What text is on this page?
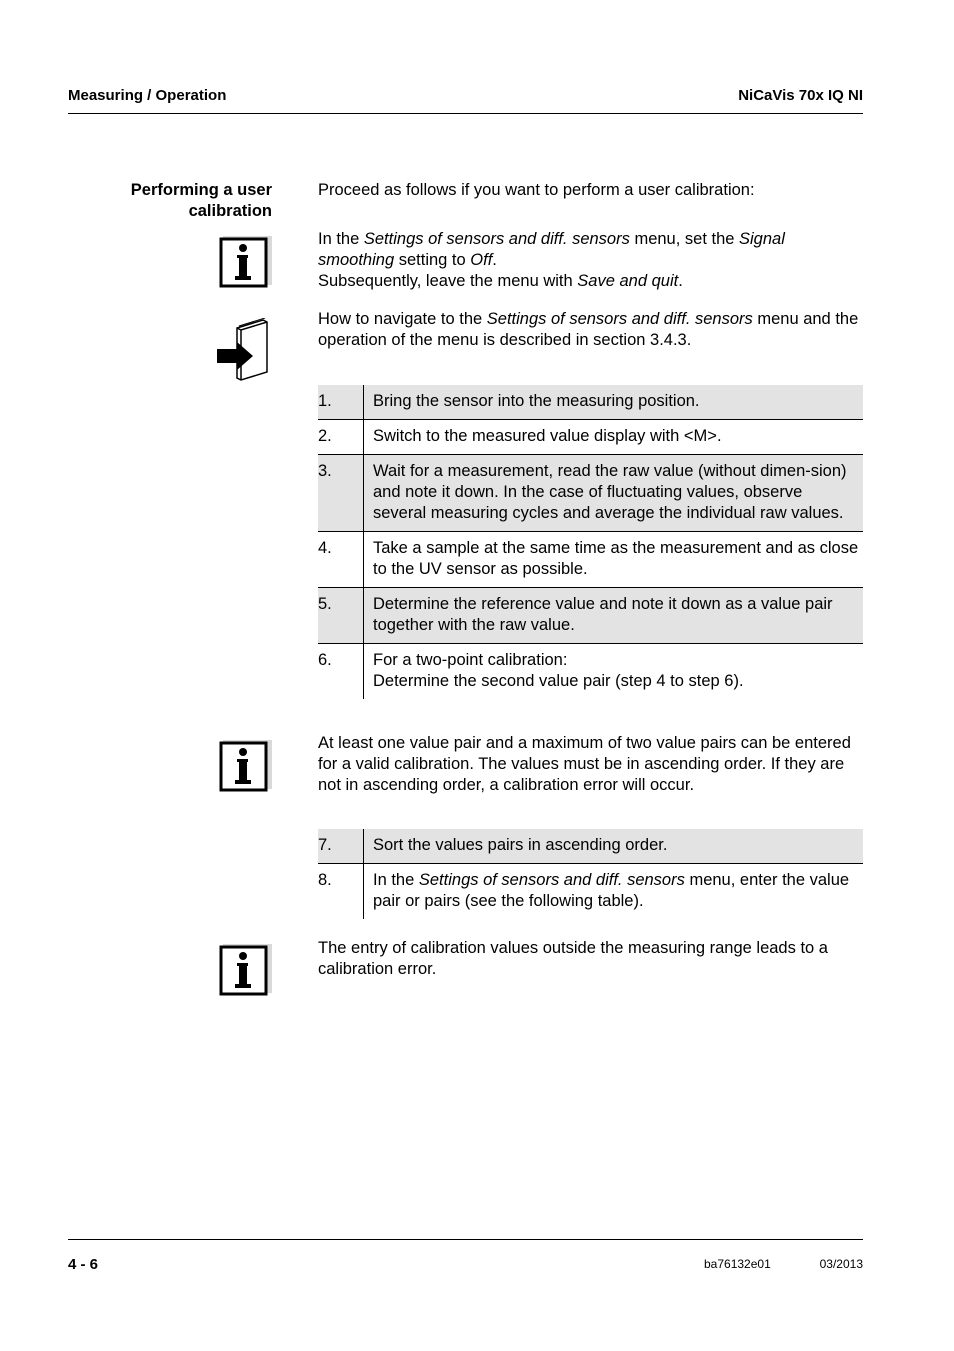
Measuring / Operation	NiCaVis 70x IQ NI
Performing a user
calibration
Proceed as follows if you want to perform a user calibration:
In the Settings of sensors and diff. sensors menu, set the Signal smoothing setting to Off.
Subsequently, leave the menu with Save and quit.
How to navigate to the Settings of sensors and diff. sensors menu and the operation of the menu is described in section 3.4.3.
1.	Bring the sensor into the measuring position.
2.	Switch to the measured value display with <M>.
3.	Wait for a measurement, read the raw value (without dimen-sion) and note it down. In the case of fluctuating values, observe several measuring cycles and average the individual raw values.
4.	Take a sample at the same time as the measurement and as close to the UV sensor as possible.
5.	Determine the reference value and note it down as a value pair together with the raw value.
6.	For a two-point calibration:
Determine the second value pair (step 4 to step 6).
At least one value pair and a maximum of two value pairs can be entered for a valid calibration. The values must be in ascending order. If they are not in ascending order, a calibration error will occur.
7.	Sort the values pairs in ascending order.
8.	In the Settings of sensors and diff. sensors menu, enter the value pair or pairs (see the following table).
The entry of calibration values outside the measuring range leads to a calibration error.
4 - 6	ba76132e01	03/2013
